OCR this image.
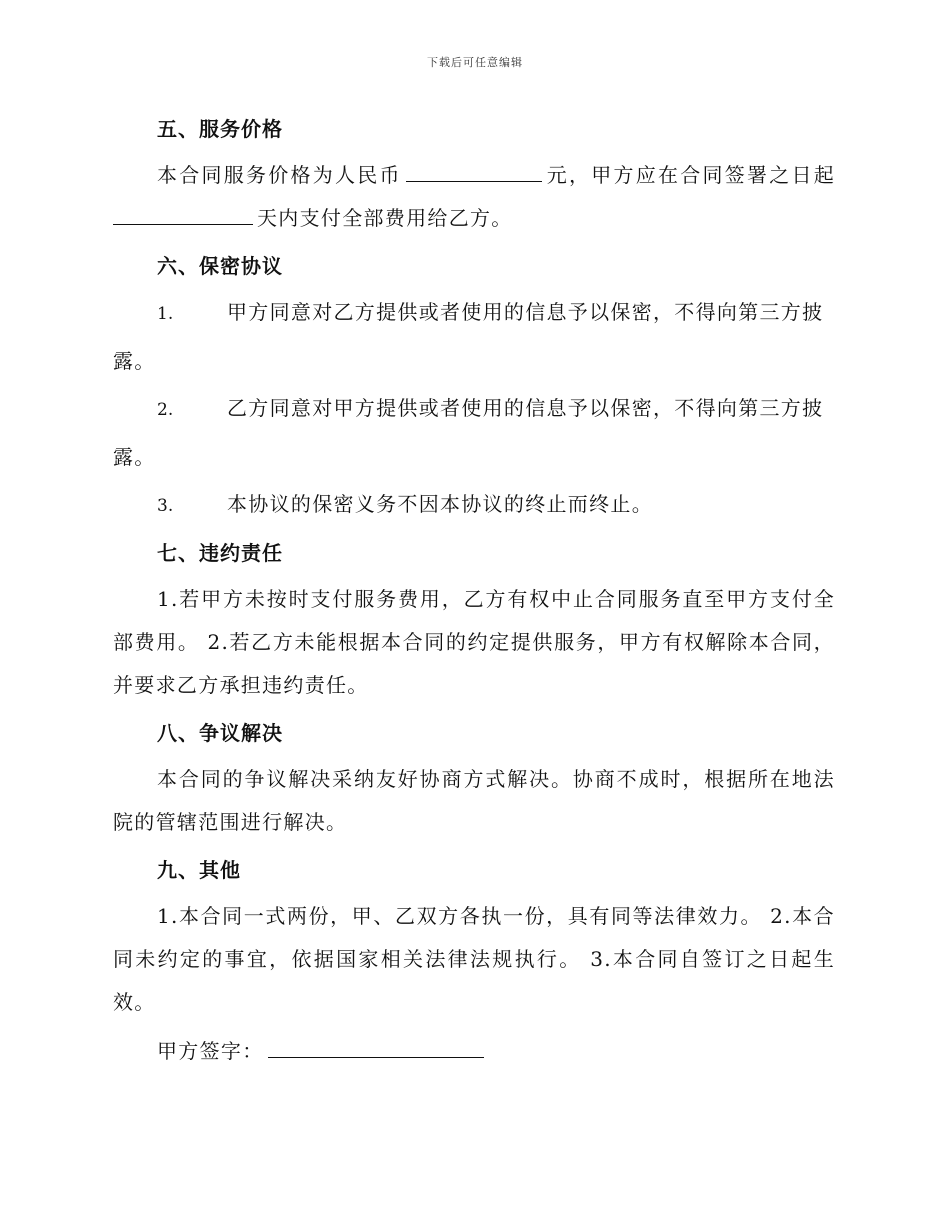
下载后可任意编辑
五、服务价格

本合同服务价格为人民币	元，甲方应在合同签署之日起天内支付全部费用给乙方。

六、保密协议
1.	甲方同意对乙方提供或者使用的信息予以保密，不得向第三方披
露。
2.	乙方同意对甲方提供或者使用的信息予以保密，不得向第三方披
露。
3.	本协议的保密义务不因本协议的终止而终止。
七、违约责任

1.若甲方未按时支付服务费用，乙方有权中止合同服务直至甲方支付全部费用。 2.若乙方未能根据本合同的约定提供服务，甲方有权解除本合同，并要求乙方承担违约责任。

八、争议解决

本合同的争议解决采纳友好协商方式解决。协商不成时，根据所在地法院的管辖范围进行解决。

九、其他

1.本合同一式两份，甲、乙双方各执一份，具有同等法律效力。 2.本合同未约定的事宜，依据国家相关法律法规执行。 3.本合同自签订之日起生效。

甲方签字：
